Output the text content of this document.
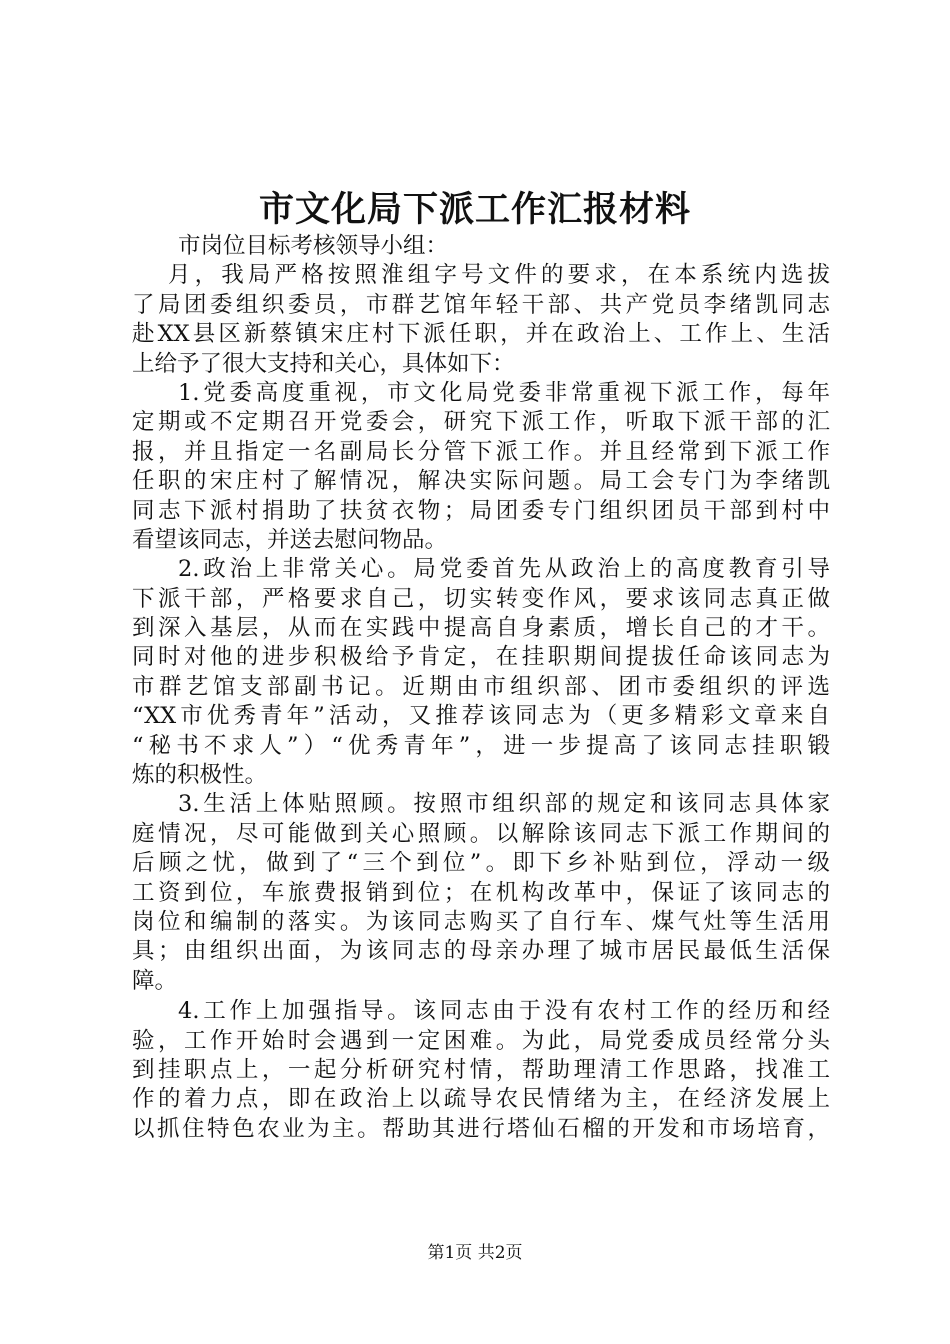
市文化局下派工作汇报材料
市岗位目标考核领导小组：
月，我局严格按照淮组字号文件的要求，在本系统内选拔
了局团委组织委员，市群艺馆年轻干部、共产党员李绪凯同志
赴XX县区新蔡镇宋庄村下派任职，并在政治上、工作上、生活
上给予了很大支持和关心，具体如下：
1.党委高度重视，市文化局党委非常重视下派工作，每年
定期或不定期召开党委会，研究下派工作，听取下派干部的汇
报，并且指定一名副局长分管下派工作。并且经常到下派工作
任职的宋庄村了解情况，解决实际问题。局工会专门为李绪凯
同志下派村捐助了扶贫衣物；局团委专门组织团员干部到村中
看望该同志，并送去慰问物品。
2.政治上非常关心。局党委首先从政治上的高度教育引导
下派干部，严格要求自己，切实转变作风，要求该同志真正做
到深入基层，从而在实践中提高自身素质，增长自己的才干。
同时对他的进步积极给予肯定，在挂职期间提拔任命该同志为
市群艺馆支部副书记。近期由市组织部、团市委组织的评选
“XX市优秀青年”活动，又推荐该同志为（更多精彩文章来自
“秘书不求人”）“优秀青年”，进一步提高了该同志挂职锻
炼的积极性。
3.生活上体贴照顾。按照市组织部的规定和该同志具体家
庭情况，尽可能做到关心照顾。以解除该同志下派工作期间的
后顾之忧，做到了“三个到位”。即下乡补贴到位，浮动一级
工资到位，车旅费报销到位；在机构改革中，保证了该同志的
岗位和编制的落实。为该同志购买了自行车、煤气灶等生活用
具；由组织出面，为该同志的母亲办理了城市居民最低生活保
障。
4.工作上加强指导。该同志由于没有农村工作的经历和经
验，工作开始时会遇到一定困难。为此，局党委成员经常分头
到挂职点上，一起分析研究村情，帮助理清工作思路，找准工
作的着力点，即在政治上以疏导农民情绪为主，在经济发展上
以抓住特色农业为主。帮助其进行塔仙石榴的开发和市场培育，
第1页 共2页
